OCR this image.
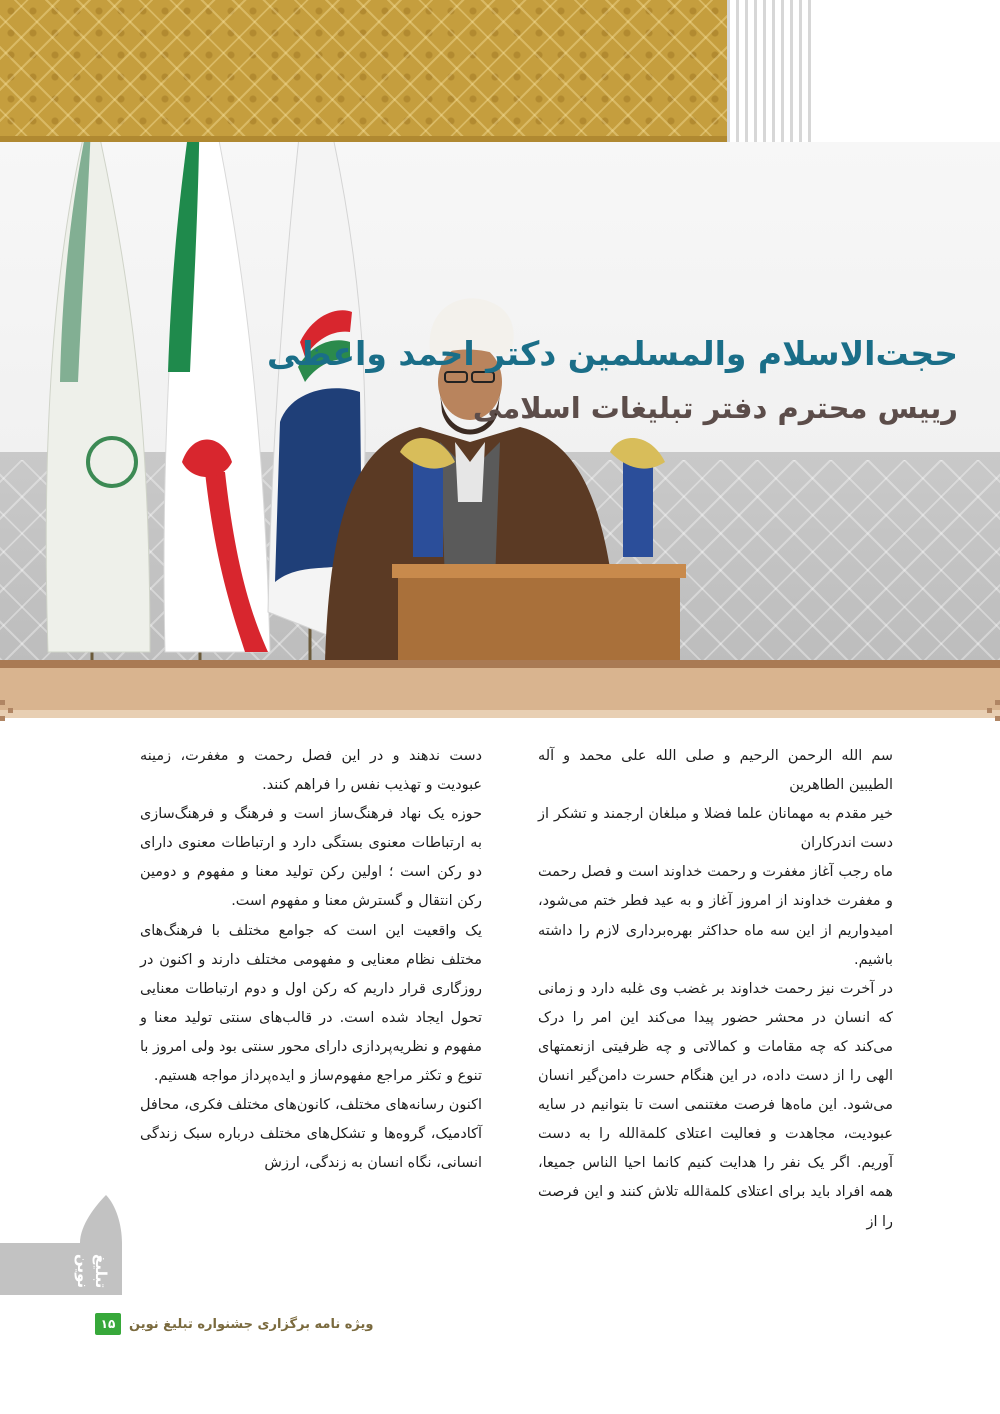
حجت‌الاسلام والمسلمین دکتر احمد واعظی
رییس محترم دفتر تبلیغات اسلامی

سم الله الرحمن الرحیم و صلی الله علی محمد و آله الطیبین الطاهرین

خیر مقدم به مهمانان علما فضلا و مبلغان ارجمند و تشکر از دست اندرکاران

ماه رجب آغاز مغفرت و رحمت خداوند است و فصل رحمت و مغفرت خداوند از امروز آغاز و به عید فطر ختم می‌شود، امیدواریم از این سه ماه حداکثر بهره‌برداری لازم را داشته باشیم.

در آخرت نیز رحمت خداوند بر غضب وی غلبه دارد و زمانی که انسان در محشر حضور پیدا می‌کند این امر را درک می‌کند که چه مقامات و کمالاتی و چه ظرفیتی ازنعمتهای الهی را از دست داده، در این هنگام حسرت دامن‌گیر انسان می‌شود. این ماه‌ها فرصت مغتنمی است تا بتوانیم در سایه عبودیت، مجاهدت و فعالیت اعتلای کلمةالله را به دست آوریم. اگر یک نفر را هدایت کنیم کانما احیا الناس جمیعا، همه افراد باید برای اعتلای کلمةالله تلاش کنند و این فرصت را از

دست ندهند و در این فصل رحمت و مغفرت، زمینه عبودیت و تهذیب نفس را فراهم کنند.

حوزه یک نهاد فرهنگ‌ساز است و فرهنگ و فرهنگ‌سازی به ارتباطات معنوی بستگی دارد و ارتباطات معنوی دارای دو رکن است ؛ اولین رکن تولید معنا و مفهوم و دومین رکن انتقال و گسترش معنا و مفهوم است.

یک واقعیت این است که جوامع مختلف با فرهنگ‌های مختلف نظام معنایی و مفهومی مختلف دارند و اکنون در روزگاری قرار داریم که رکن اول و دوم ارتباطات معنایی تحول ایجاد شده است. در قالب‌های سنتی تولید معنا و مفهوم و نظریه‌پردازی دارای محور سنتی بود ولی امروز با تنوع و تکثر مراجع مفهوم‌ساز و ایده‌پرداز مواجه هستیم.

اکنون رسانه‌های مختلف، کانون‌های مختلف فکری، محافل آکادمیک، گروه‌ها و تشکل‌های مختلف درباره سبک زندگی انسانی، نگاه انسان به زندگی، ارزش

تبلیغ نوین
۱۵	ویژه نامه برگزاری جشنواره تبلیغ نوین
